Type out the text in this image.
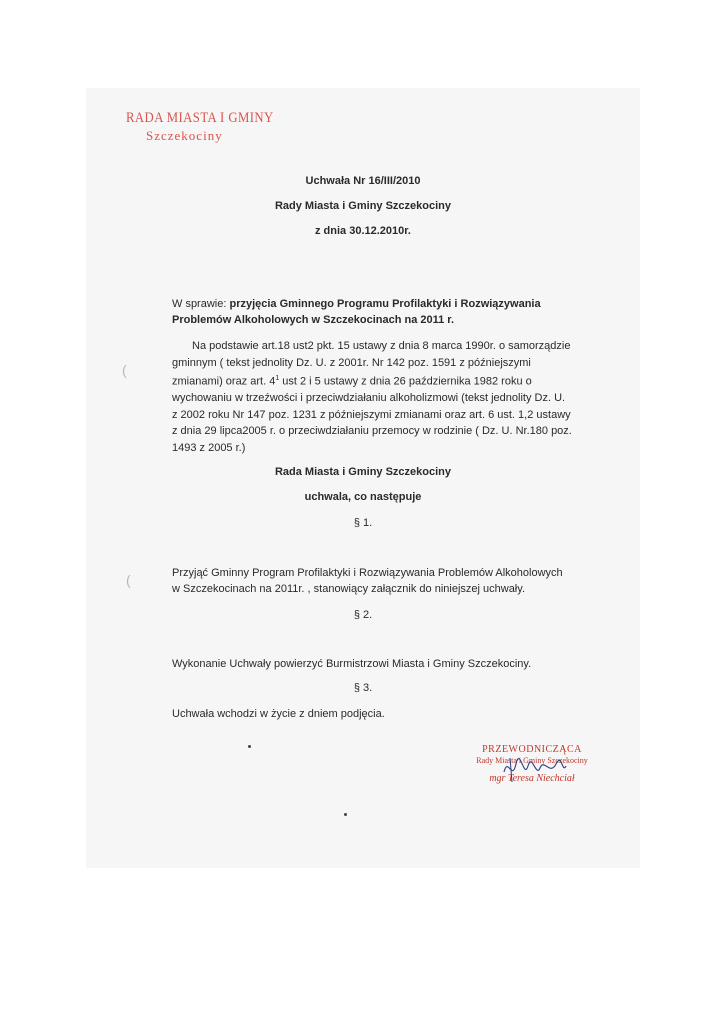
RADA MIASTA I GMINY
Szczekociny
Uchwała Nr 16/III/2010
Rady Miasta i Gminy Szczekociny
z dnia 30.12.2010r.
W sprawie: przyjęcia Gminnego Programu Profilaktyki i Rozwiązywania Problemów Alkoholowych w Szczekocinach na 2011 r.
Na podstawie art.18 ust2 pkt. 15 ustawy z dnia 8 marca 1990r. o samorządzie gminnym ( tekst jednolity Dz. U. z 2001r. Nr 142 poz. 1591 z późniejszymi zmianami) oraz art. $4^1$ ust 2 i 5 ustawy z dnia 26 października 1982 roku o wychowaniu w trzeźwości i przeciwdziałaniu alkoholizmowi (tekst jednolity Dz. U. z 2002 roku Nr 147 poz. 1231 z późniejszymi zmianami oraz art. 6 ust. 1,2 ustawy z dnia 29 lipca2005 r. o przeciwdziałaniu przemocy w rodzinie ( Dz. U. Nr.180 poz. 1493 z 2005 r.)
(
Rada Miasta i Gminy Szczekociny
uchwala, co następuje
§ 1.
(	Przyjąć Gminny Program Profilaktyki i Rozwiązywania Problemów Alkoholowych w Szczekocinach na 2011r. , stanowiący załącznik do niniejszej uchwały.
§ 2.
Wykonanie Uchwały powierzyć Burmistrzowi Miasta i Gminy Szczekociny.
§ 3.
Uchwała wchodzi w życie z dniem podjęcia.
PRZEWODNICZĄCA
Rady Miasta i Gminy Szczekociny
mgr Teresa Niechciał
